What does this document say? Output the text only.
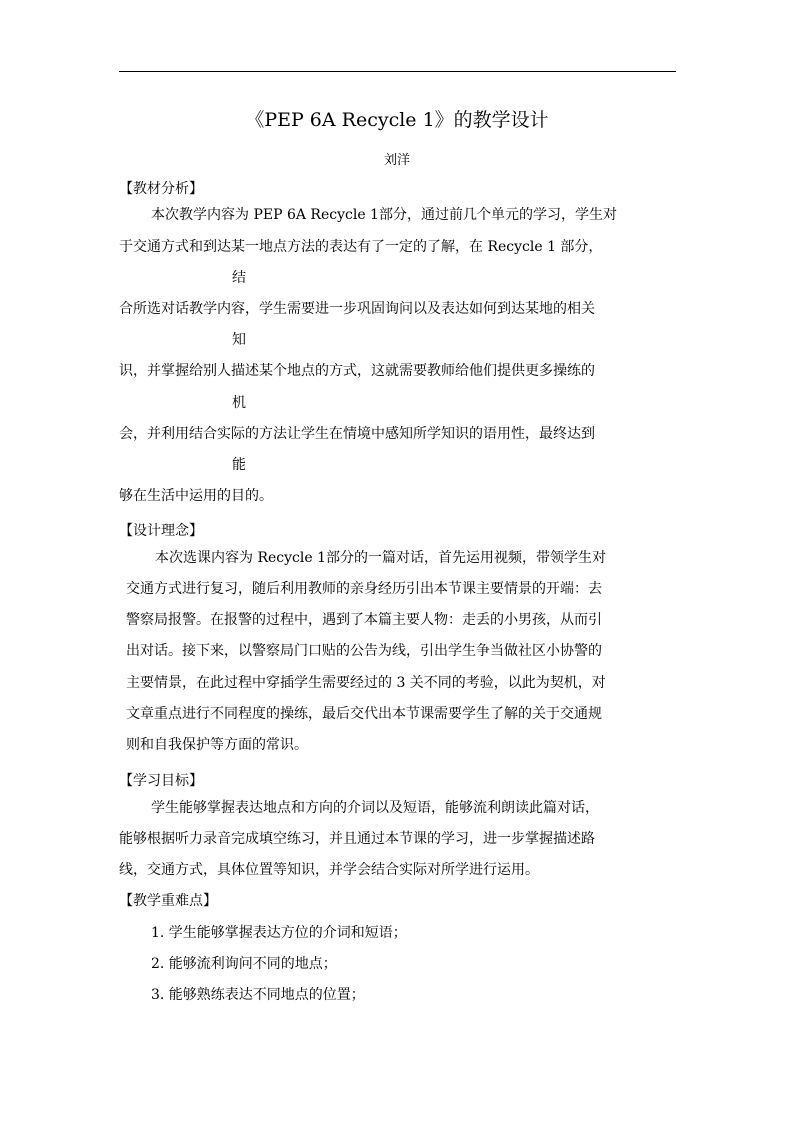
《PEP 6A Recycle 1》的教学设计
刘洋
【教材分析】
本次教学内容为 PEP 6A Recycle 1部分，通过前几个单元的学习，学生对
于交通方式和到达某一地点方法的表达有了一定的了解，在 Recycle 1 部分，
结
合所选对话教学内容，学生需要进一步巩固询问以及表达如何到达某地的相关
知
识，并掌握给别人描述某个地点的方式，这就需要教师给他们提供更多操练的
机
会，并利用结合实际的方法让学生在情境中感知所学知识的语用性，最终达到
能
够在生活中运用的目的。
【设计理念】
本次选课内容为 Recycle 1部分的一篇对话，首先运用视频，带领学生对
交通方式进行复习，随后利用教师的亲身经历引出本节课主要情景的开端：去
警察局报警。在报警的过程中，遇到了本篇主要人物：走丢的小男孩，从而引
出对话。接下来，以警察局门口贴的公告为线，引出学生争当做社区小协警的
主要情景，在此过程中穿插学生需要经过的 3 关不同的考验，以此为契机，对
文章重点进行不同程度的操练，最后交代出本节课需要学生了解的关于交通规
则和自我保护等方面的常识。
【学习目标】
学生能够掌握表达地点和方向的介词以及短语，能够流利朗读此篇对话，
能够根据听力录音完成填空练习，并且通过本节课的学习，进一步掌握描述路
线，交通方式，具体位置等知识，并学会结合实际对所学进行运用。
【教学重难点】
1. 学生能够掌握表达方位的介词和短语；
2. 能够流利询问不同的地点；
3. 能够熟练表达不同地点的位置；
